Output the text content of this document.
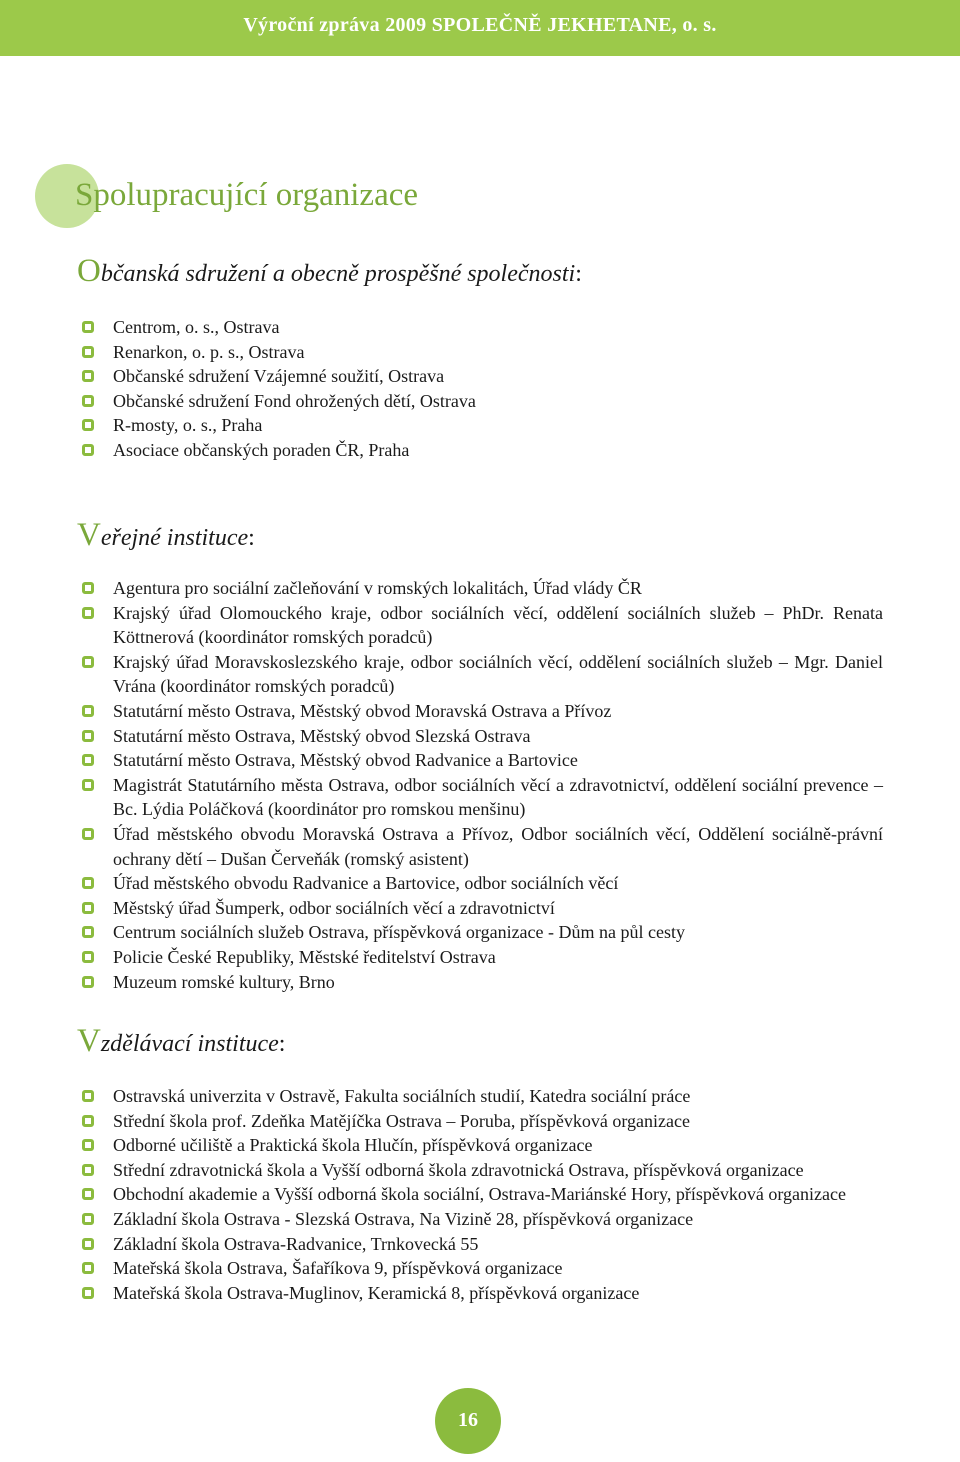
Výroční zpráva 2009 SPOLEČNĚ JEKHETANE, o. s.
Spolupracující organizace
Občanská sdružení a obecně prospěšné společnosti:
Centrom, o. s., Ostrava
Renarkon, o. p. s., Ostrava
Občanské sdružení Vzájemné soužití, Ostrava
Občanské sdružení Fond ohrožených dětí, Ostrava
R-mosty, o. s., Praha
Asociace občanských poraden ČR, Praha
Veřejné instituce:
Agentura pro sociální začleňování v romských lokalitách, Úřad vlády ČR
Krajský úřad Olomouckého kraje, odbor sociálních věcí, oddělení sociálních služeb – PhDr. Renata Köttnerová (koordinátor romských poradců)
Krajský úřad Moravskoslezského kraje, odbor sociálních věcí, oddělení sociálních služeb – Mgr. Daniel Vrána (koordinátor romských poradců)
Statutární město Ostrava, Městský obvod Moravská Ostrava a Přívoz
Statutární město Ostrava, Městský obvod Slezská Ostrava
Statutární město Ostrava, Městský obvod Radvanice a Bartovice
Magistrát Statutárního města Ostrava, odbor sociálních věcí a zdravotnictví, oddělení sociální prevence – Bc. Lýdia Poláčková (koordinátor pro romskou menšinu)
Úřad městského obvodu Moravská Ostrava a Přívoz, Odbor sociálních věcí, Oddělení sociálně-právní ochrany dětí – Dušan Červeňák (romský asistent)
Úřad městského obvodu Radvanice a Bartovice, odbor sociálních věcí
Městský úřad Šumperk, odbor sociálních věcí a zdravotnictví
Centrum sociálních služeb Ostrava, příspěvková organizace - Dům na půl cesty
Policie České Republiky, Městské ředitelství Ostrava
Muzeum romské kultury, Brno
Vzdělávací instituce:
Ostravská univerzita v Ostravě, Fakulta sociálních studií, Katedra sociální práce
Střední škola prof. Zdeňka Matějíčka Ostrava – Poruba, příspěvková organizace
Odborné učiliště a Praktická škola Hlučín, příspěvková organizace
Střední zdravotnická škola a Vyšší odborná škola zdravotnická Ostrava, příspěvková organizace
Obchodní akademie a Vyšší odborná škola sociální, Ostrava-Mariánské Hory, příspěvková organizace
Základní škola Ostrava - Slezská Ostrava, Na Vizině 28, příspěvková organizace
Základní škola Ostrava-Radvanice, Trnkovecká 55
Mateřská škola Ostrava, Šafaříkova 9, příspěvková organizace
Mateřská škola Ostrava-Muglinov, Keramická 8, příspěvková organizace
16
